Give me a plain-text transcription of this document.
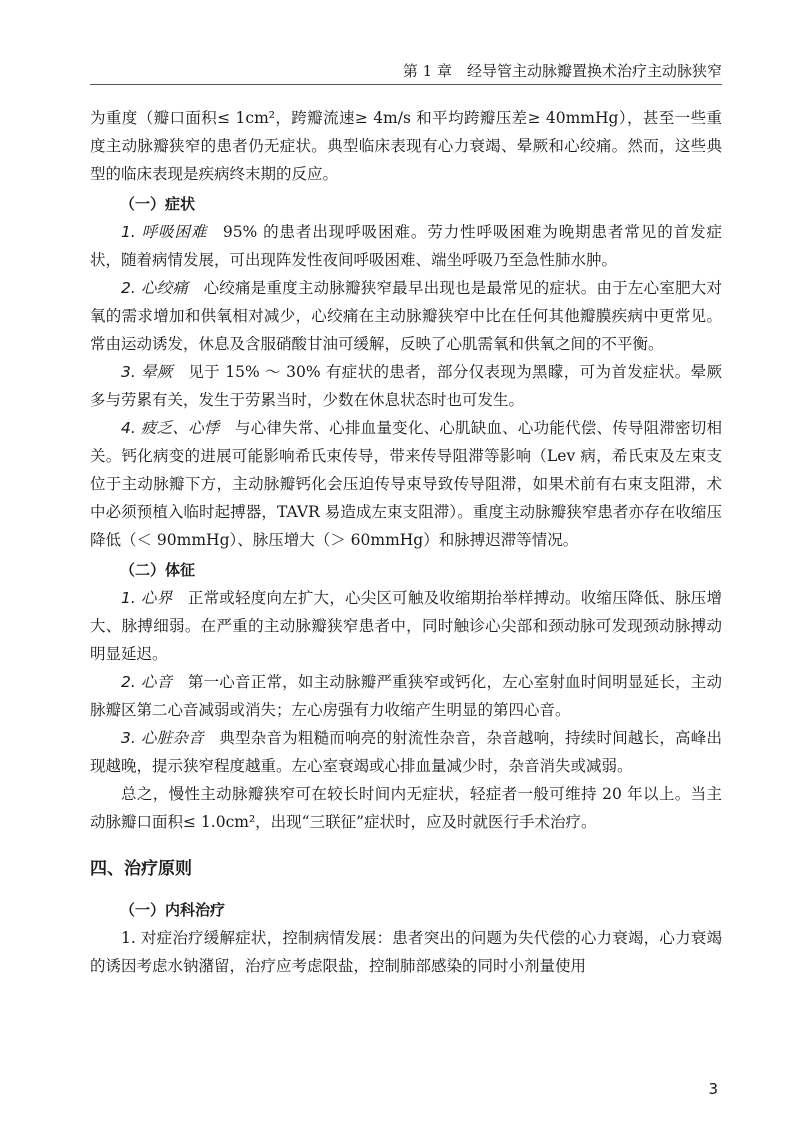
第 1 章　经导管主动脉瓣置换术治疗主动脉狭窄

为重度（瓣口面积≤ 1cm²，跨瓣流速≥ 4m/s 和平均跨瓣压差≥ 40mmHg），甚至一些重度主动脉瓣狭窄的患者仍无症状。典型临床表现有心力衰竭、晕厥和心绞痛。然而，这些典型的临床表现是疾病终末期的反应。

（一）症状

1. 呼吸困难 95% 的患者出现呼吸困难。劳力性呼吸困难为晚期患者常见的首发症状，随着病情发展，可出现阵发性夜间呼吸困难、端坐呼吸乃至急性肺水肿。

2. 心绞痛 心绞痛是重度主动脉瓣狭窄最早出现也是最常见的症状。由于左心室肥大对氧的需求增加和供氧相对减少，心绞痛在主动脉瓣狭窄中比在任何其他瓣膜疾病中更常见。常由运动诱发，休息及含服硝酸甘油可缓解，反映了心肌需氧和供氧之间的不平衡。

3. 晕厥 见于 15% ～ 30% 有症状的患者，部分仅表现为黑矇，可为首发症状。晕厥多与劳累有关，发生于劳累当时，少数在休息状态时也可发生。

4. 疲乏、心悸 与心律失常、心排血量变化、心肌缺血、心功能代偿、传导阻滞密切相关。钙化病变的进展可能影响希氏束传导，带来传导阻滞等影响（Lev 病，希氏束及左束支位于主动脉瓣下方，主动脉瓣钙化会压迫传导束导致传导阻滞，如果术前有右束支阻滞，术中必须预植入临时起搏器，TAVR 易造成左束支阻滞）。重度主动脉瓣狭窄患者亦存在收缩压降低（＜ 90mmHg）、脉压增大（＞ 60mmHg）和脉搏迟滞等情况。

（二）体征

1. 心界 正常或轻度向左扩大，心尖区可触及收缩期抬举样搏动。收缩压降低、脉压增大、脉搏细弱。在严重的主动脉瓣狭窄患者中，同时触诊心尖部和颈动脉可发现颈动脉搏动明显延迟。

2. 心音 第一心音正常，如主动脉瓣严重狭窄或钙化，左心室射血时间明显延长，主动脉瓣区第二心音减弱或消失；左心房强有力收缩产生明显的第四心音。

3. 心脏杂音 典型杂音为粗糙而响亮的射流性杂音，杂音越响，持续时间越长，高峰出现越晚，提示狭窄程度越重。左心室衰竭或心排血量减少时，杂音消失或减弱。

总之，慢性主动脉瓣狭窄可在较长时间内无症状，轻症者一般可维持 20 年以上。当主动脉瓣口面积≤ 1.0cm²，出现“三联征”症状时，应及时就医行手术治疗。

四、治疗原则
（一）内科治疗

1. 对症治疗缓解症状，控制病情发展：患者突出的问题为失代偿的心力衰竭，心力衰竭的诱因考虑水钠潴留，治疗应考虑限盐，控制肺部感染的同时小剂量使用

3
